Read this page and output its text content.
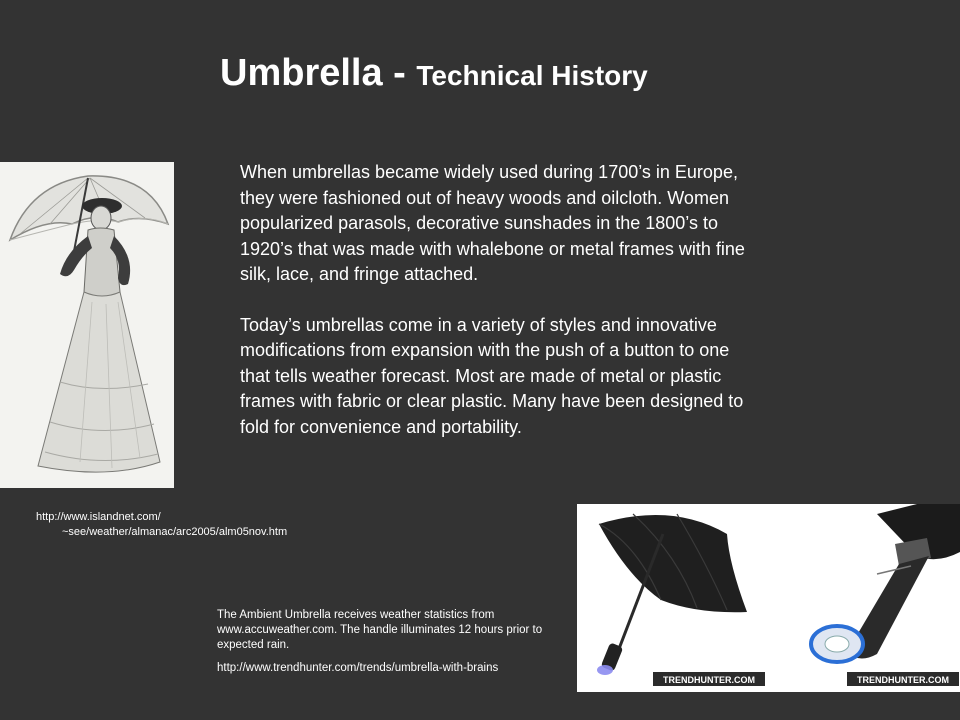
Umbrella - Technical History
http://www.islandnet.com/
~see/weather/almanac/arc2005/alm05nov.htm

When umbrellas became widely used during 1700’s in Europe, they were fashioned out of heavy woods and oilcloth. Women popularized parasols, decorative sunshades in the 1800’s to 1920’s that was made with whalebone or metal frames with fine silk, lace, and fringe attached.

Today’s umbrellas come in a variety of styles and innovative modifications from expansion with the push of a button to one that tells weather forecast. Most are made of metal or plastic frames with fabric or clear plastic. Many have been designed to fold for convenience and portability.

TRENDHUNTER.COM	TRENDHUNTER.COM
The Ambient Umbrella receives weather statistics from www.accuweather.com. The handle illuminates 12 hours prior to expected rain.
http://www.trendhunter.com/trends/umbrella-with-brains
